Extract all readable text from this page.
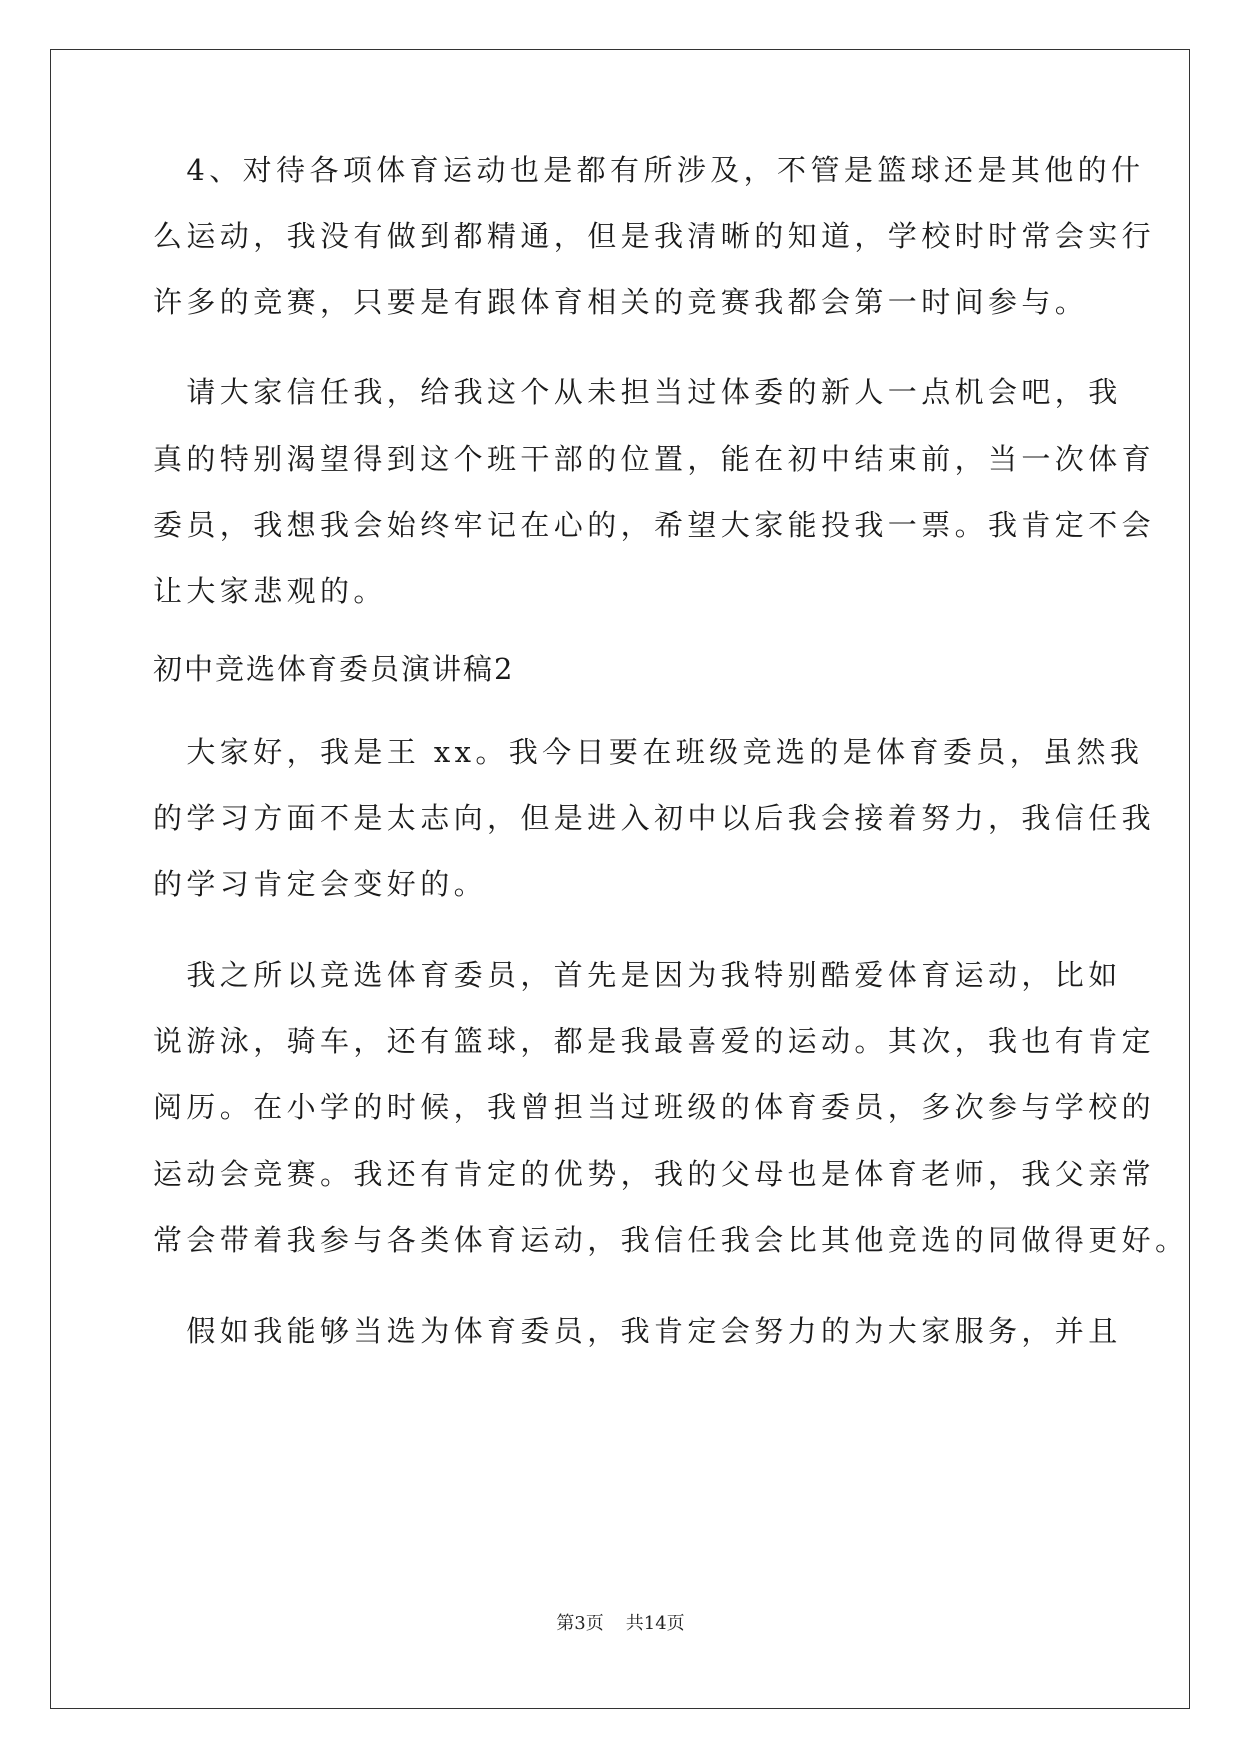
　4、对待各项体育运动也是都有所涉及，不管是篮球还是其他的什
么运动，我没有做到都精通，但是我清晰的知道，学校时时常会实行
许多的竞赛，只要是有跟体育相关的竞赛我都会第一时间参与。
　请大家信任我，给我这个从未担当过体委的新人一点机会吧，我
真的特别渴望得到这个班干部的位置，能在初中结束前，当一次体育
委员，我想我会始终牢记在心的，希望大家能投我一票。我肯定不会
让大家悲观的。
初中竞选体育委员演讲稿2
　大家好，我是王 xx。我今日要在班级竞选的是体育委员，虽然我
的学习方面不是太志向，但是进入初中以后我会接着努力，我信任我
的学习肯定会变好的。
　我之所以竞选体育委员，首先是因为我特别酷爱体育运动，比如
说游泳，骑车，还有篮球，都是我最喜爱的运动。其次，我也有肯定
阅历。在小学的时候，我曾担当过班级的体育委员，多次参与学校的
运动会竞赛。我还有肯定的优势，我的父母也是体育老师，我父亲常
常会带着我参与各类体育运动，我信任我会比其他竞选的同做得更好。
　假如我能够当选为体育委员，我肯定会努力的为大家服务，并且
第3页 共14页
